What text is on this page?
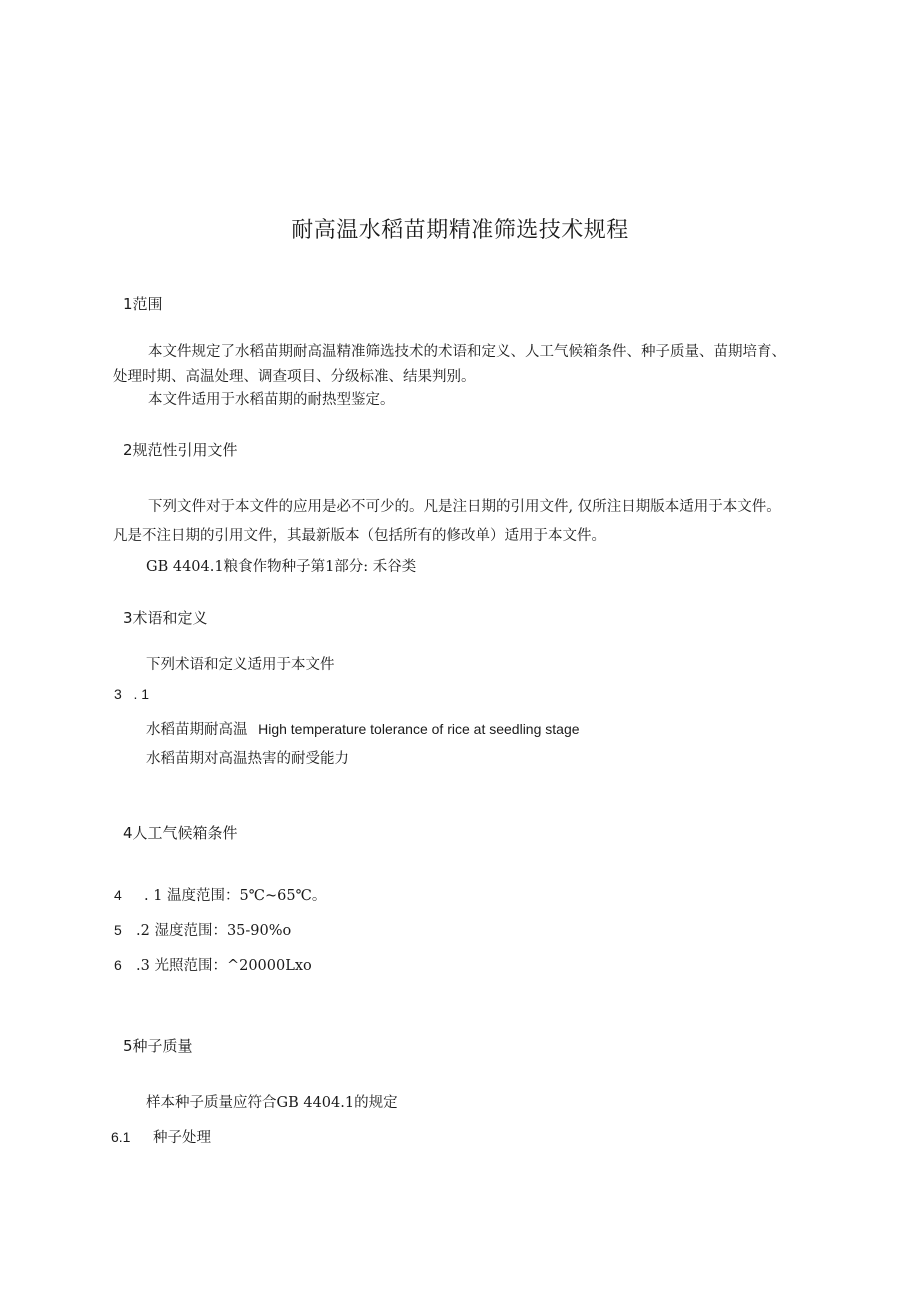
耐高温水稻苗期精准筛选技术规程
1范围
本文件规定了水稻苗期耐高温精准筛选技术的术语和定义、人工气候箱条件、种子质量、苗期培育、
处理时期、高温处理、调查项目、分级标准、结果判别。
本文件适用于水稻苗期的耐热型鉴定。
2规范性引用文件
下列文件对于本文件的应用是必不可少的。凡是注日期的引用文件, 仅所注日期版本适用于本文件。
凡是不注日期的引用文件，其最新版本（包括所有的修改单）适用于本文件。
GB 4404.1粮食作物种子第1部分: 禾谷类
3术语和定义
下列术语和定义适用于本文件
3   . 1
水稻苗期耐高温 High temperature tolerance of rice at seedling stage
水稻苗期对高温热害的耐受能力
4人工气候箱条件
4 . 1 温度范围：5℃~65℃。
5 .2 湿度范围：35-90%o
6 .3 光照范围：^20000Lxo
5种子质量
样本种子质量应符合GB 4404.1的规定
6.1 种子处理
